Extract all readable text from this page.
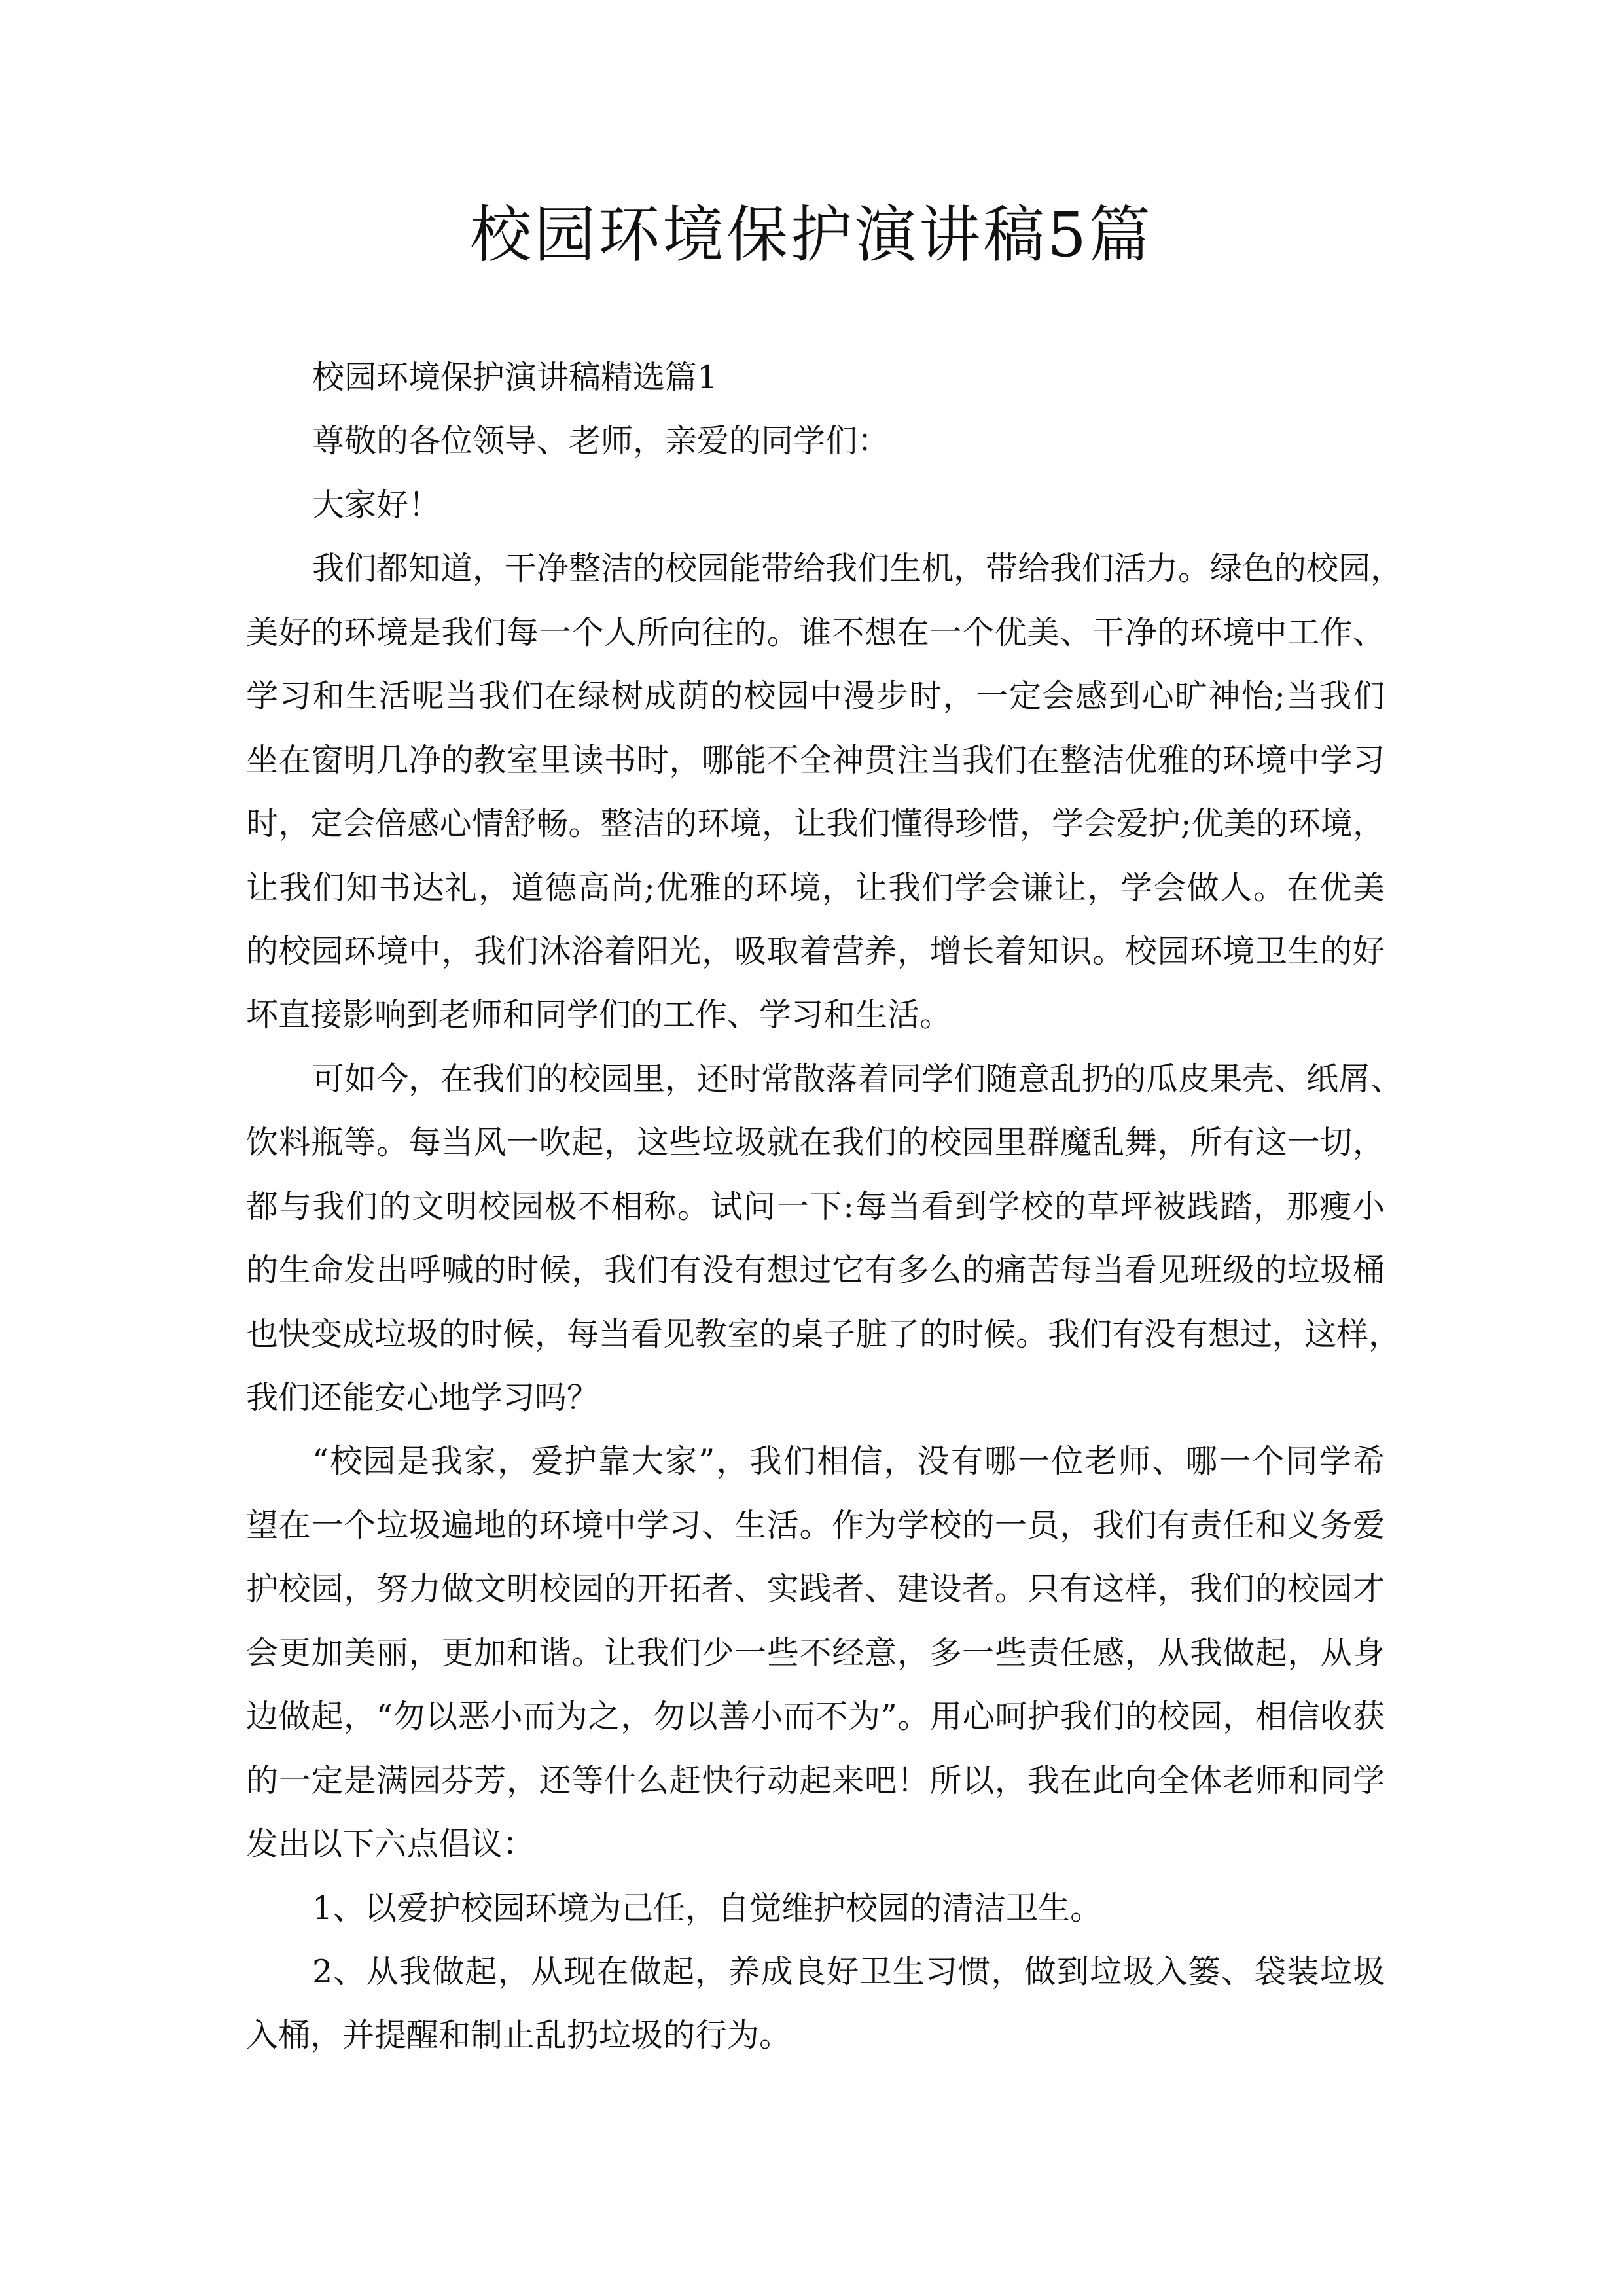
校园环境保护演讲稿5篇
校园环境保护演讲稿精选篇1
尊敬的各位领导、老师，亲爱的同学们：
大家好！
我们都知道，干净整洁的校园能带给我们生机，带给我们活力。绿色的校园，
美好的环境是我们每一个人所向往的。谁不想在一个优美、干净的环境中工作、
学习和生活呢当我们在绿树成荫的校园中漫步时，一定会感到心旷神怡;当我们
坐在窗明几净的教室里读书时，哪能不全神贯注当我们在整洁优雅的环境中学习
时，定会倍感心情舒畅。整洁的环境，让我们懂得珍惜，学会爱护;优美的环境，
让我们知书达礼，道德高尚;优雅的环境，让我们学会谦让，学会做人。在优美
的校园环境中，我们沐浴着阳光，吸取着营养，增长着知识。校园环境卫生的好
坏直接影响到老师和同学们的工作、学习和生活。
可如今，在我们的校园里，还时常散落着同学们随意乱扔的瓜皮果壳、纸屑、
饮料瓶等。每当风一吹起，这些垃圾就在我们的校园里群魔乱舞，所有这一切，
都与我们的文明校园极不相称。试问一下:每当看到学校的草坪被践踏，那瘦小
的生命发出呼喊的时候，我们有没有想过它有多么的痛苦每当看见班级的垃圾桶
也快变成垃圾的时候，每当看见教室的桌子脏了的时候。我们有没有想过，这样，
我们还能安心地学习吗？
“校园是我家，爱护靠大家”，我们相信，没有哪一位老师、哪一个同学希
望在一个垃圾遍地的环境中学习、生活。作为学校的一员，我们有责任和义务爱
护校园，努力做文明校园的开拓者、实践者、建设者。只有这样，我们的校园才
会更加美丽，更加和谐。让我们少一些不经意，多一些责任感，从我做起，从身
边做起，“勿以恶小而为之，勿以善小而不为”。用心呵护我们的校园，相信收获
的一定是满园芬芳，还等什么赶快行动起来吧！所以，我在此向全体老师和同学
发出以下六点倡议：
1、以爱护校园环境为己任，自觉维护校园的清洁卫生。
2、从我做起，从现在做起，养成良好卫生习惯，做到垃圾入篓、袋装垃圾
入桶，并提醒和制止乱扔垃圾的行为。
